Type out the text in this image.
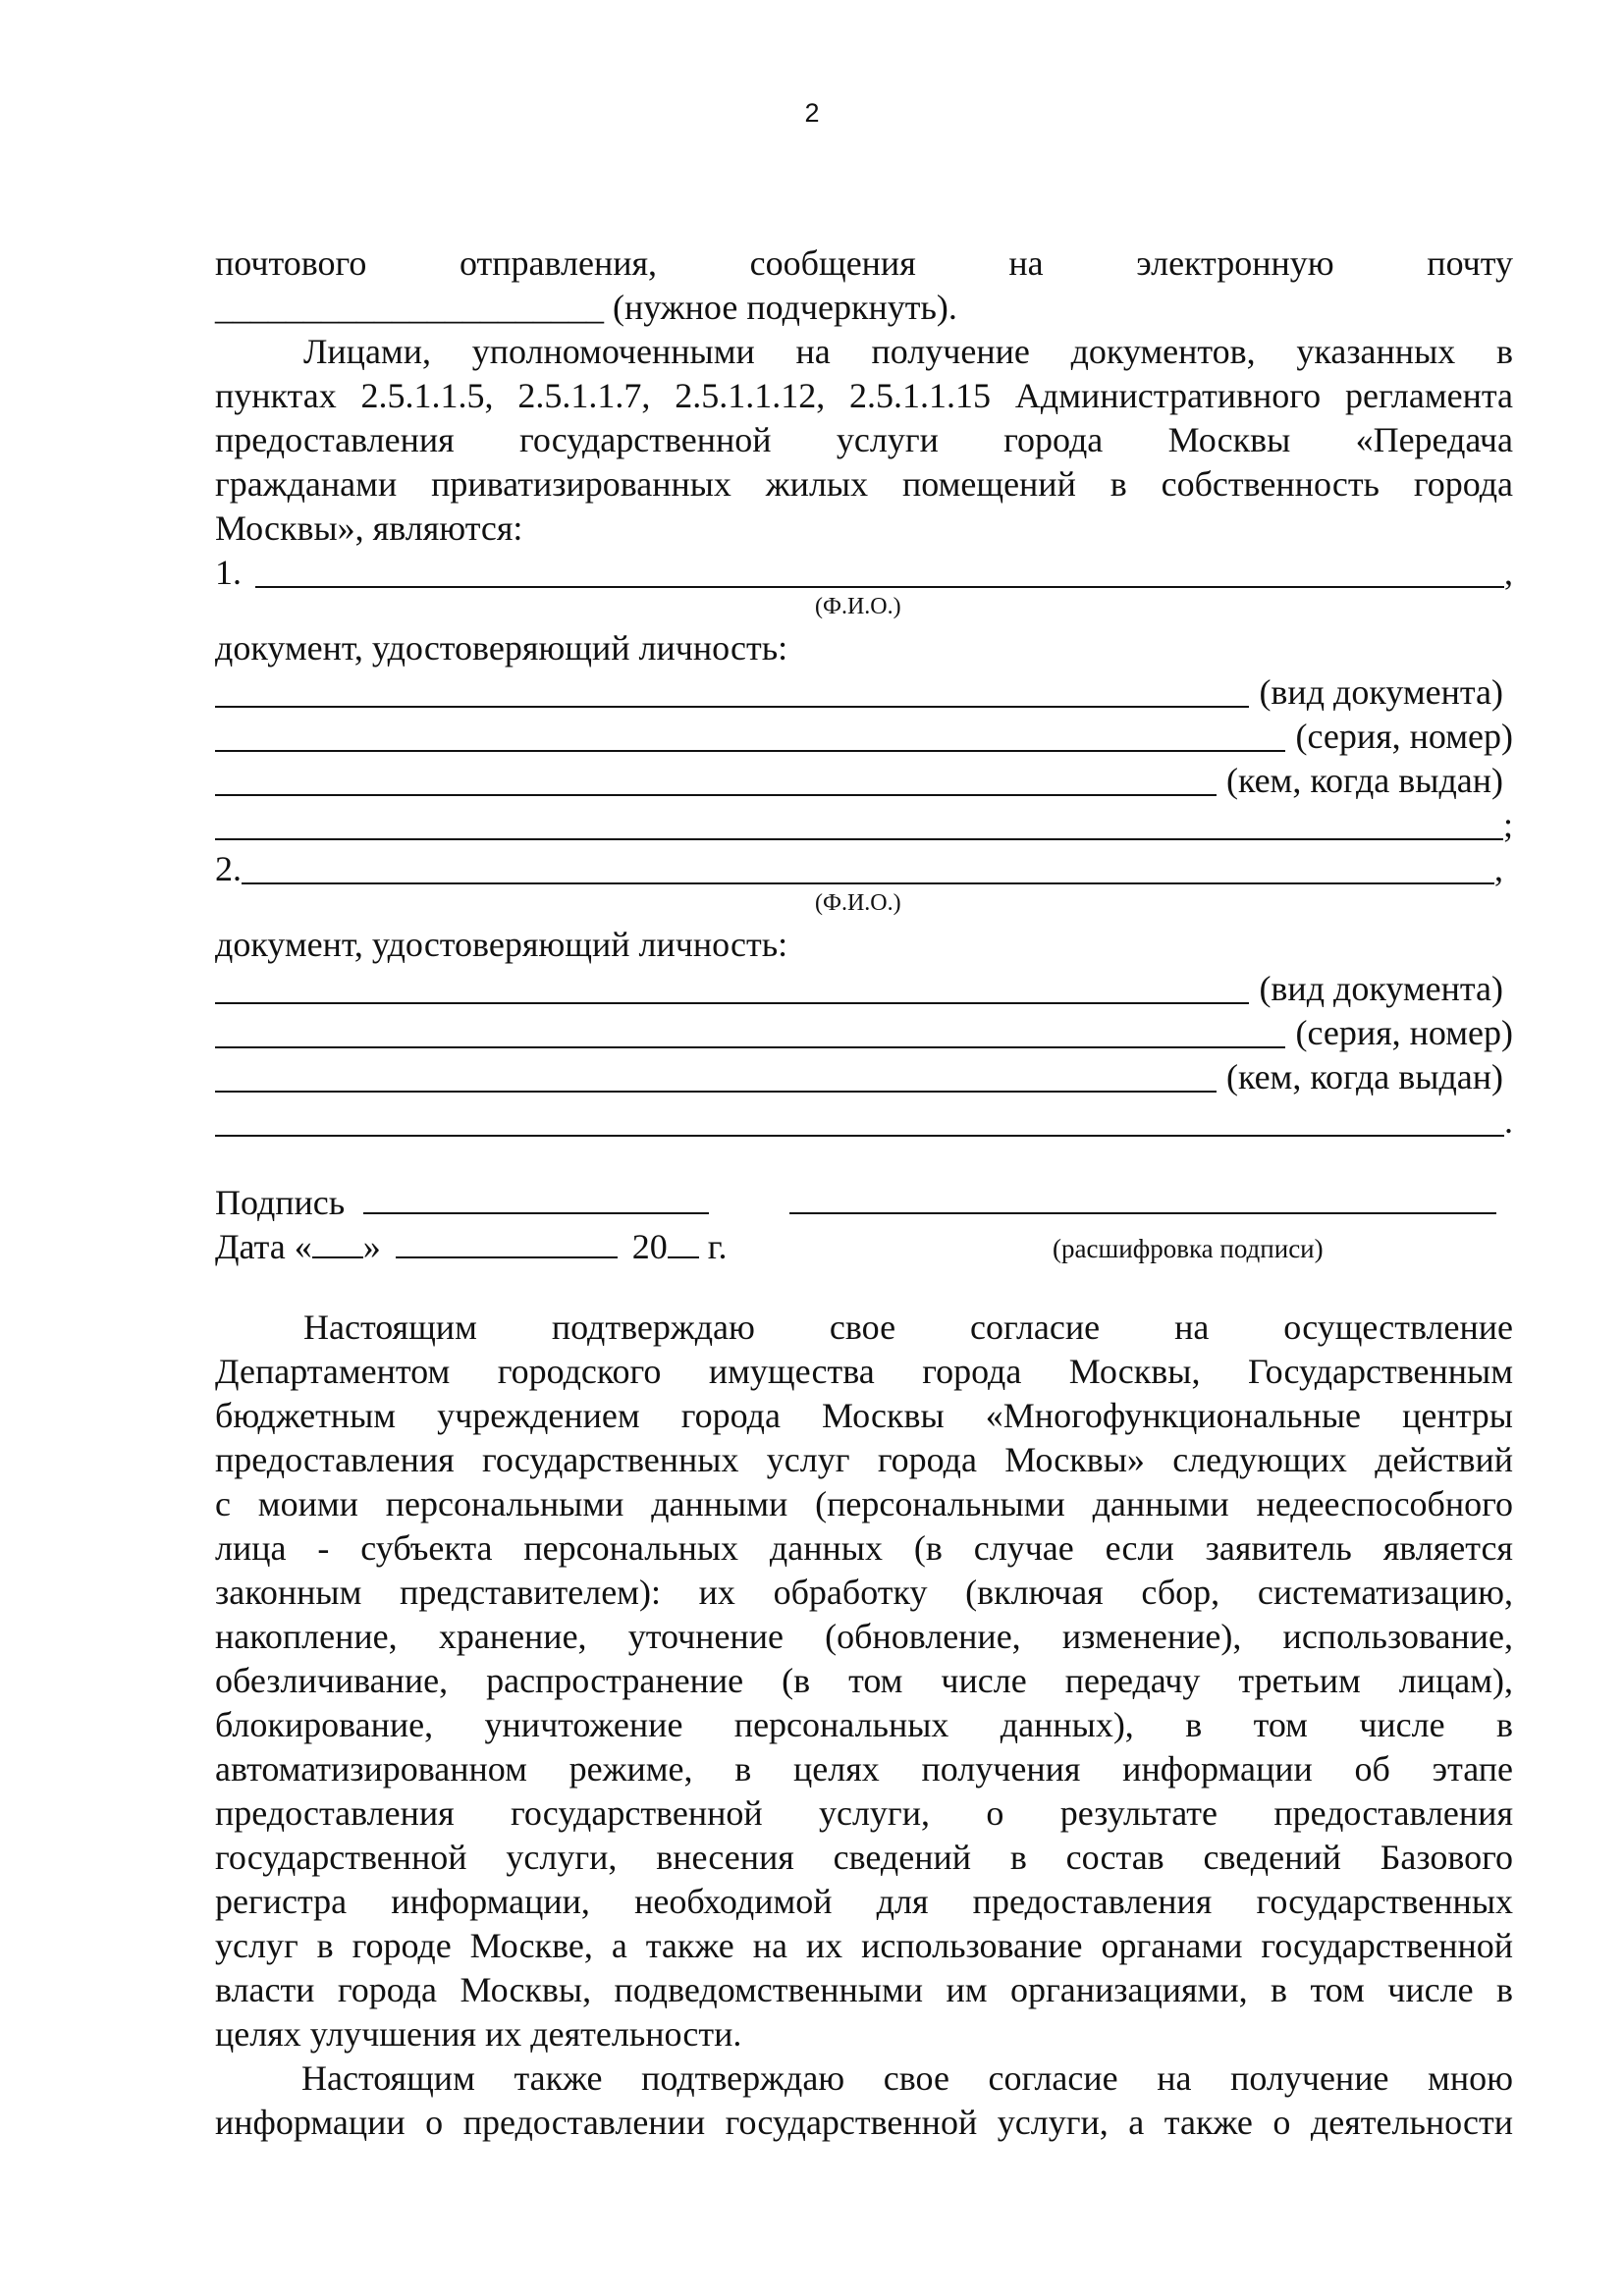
2
почтового	отправления,	сообщения	на	электронную	почту
______________________ (нужное подчеркнуть).
Лицами, уполномоченными на получение документов, указанных в
пунктах 2.5.1.1.5, 2.5.1.1.7, 2.5.1.1.12, 2.5.1.1.15 Административного регламента
предоставления государственной услуги города Москвы «Передача
гражданами приватизированных жилых помещений в собственность города
Москвы», являются:
1.	,
(Ф.И.О.)
документ, удостоверяющий личность:
(вид документа)
(серия, номер)
(кем, когда выдан)
;
2.	,
(Ф.И.О.)
документ, удостоверяющий личность:
(вид документа)
(серия, номер)
(кем, когда выдан)
.
Подпись
Дата « »	20 г.	(расшифровка подписи)
Настоящим подтверждаю свое согласие на осуществление
Департаментом городского имущества города Москвы, Государственным
бюджетным учреждением города Москвы «Многофункциональные центры
предоставления государственных услуг города Москвы» следующих действий
с моими персональными данными (персональными данными недееспособного
лица - субъекта персональных данных (в случае если заявитель является
законным представителем): их обработку (включая сбор, систематизацию,
накопление, хранение, уточнение (обновление, изменение), использование,
обезличивание, распространение (в том числе передачу третьим лицам),
блокирование, уничтожение персональных данных), в том числе в
автоматизированном режиме, в целях получения информации об этапе
предоставления государственной услуги, о результате предоставления
государственной услуги, внесения сведений в состав сведений Базового
регистра информации, необходимой для предоставления государственных
услуг в городе Москве, а также на их использование органами государственной
власти города Москвы, подведомственными им организациями, в том числе в
целях улучшения их деятельности.
Настоящим также подтверждаю свое согласие на получение мною
информации о предоставлении государственной услуги, а также о деятельности
